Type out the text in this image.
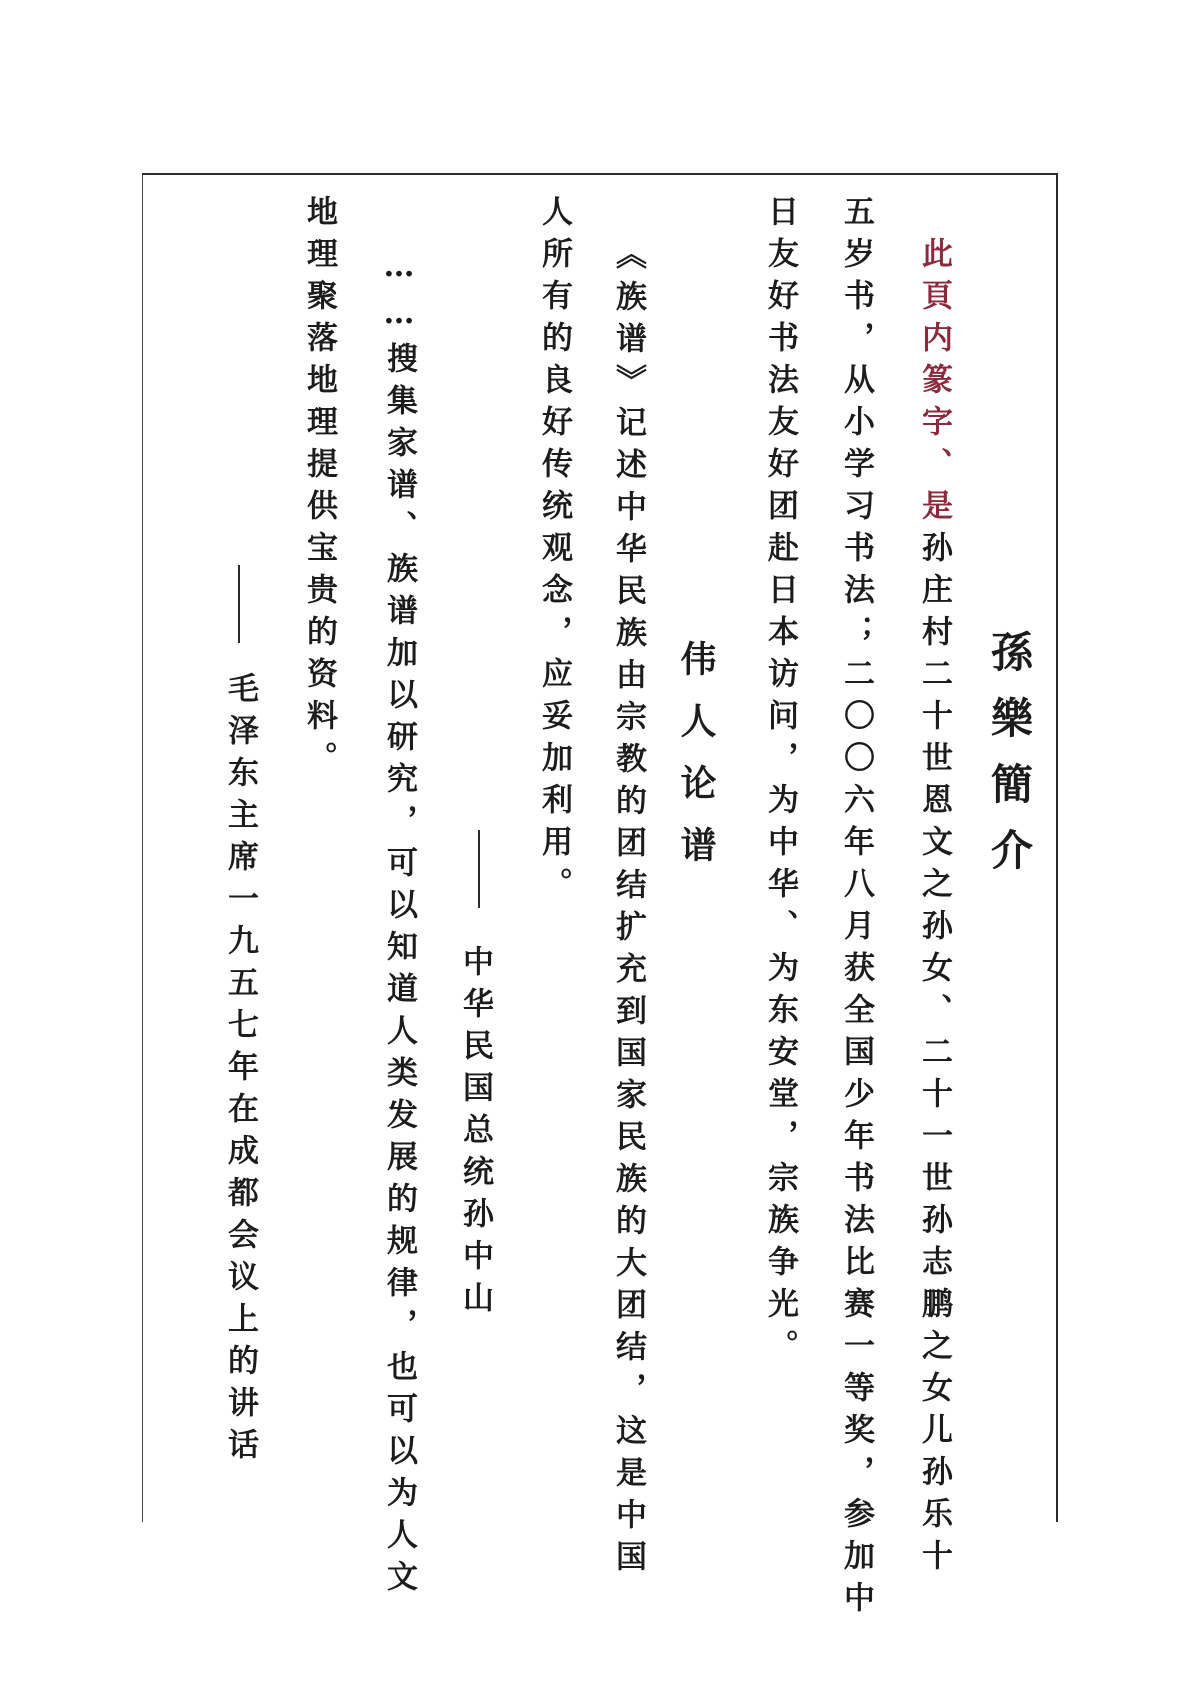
孫樂簡介
此頁内篆字、是孙庄村二十世恩文之孙女、二十一世孙志鹏之女儿孙乐十
五岁书，从小学习书法；二〇〇六年八月获全国少年书法比赛一等奖，参加中
日友好书法友好团赴日本访问，为中华、为东安堂，宗族争光。
伟人论谱
《族谱》记述中华民族由宗教的团结扩充到国家民族的大团结，这是中国
人所有的良好传统观念，应妥加利用。
中华民国总统孙中山
……搜集家谱、族谱加以研究，可以知道人类发展的规律，也可以为人文
地理聚落地理提供宝贵的资料。
毛泽东主席一九五七年在成都会议上的讲话
